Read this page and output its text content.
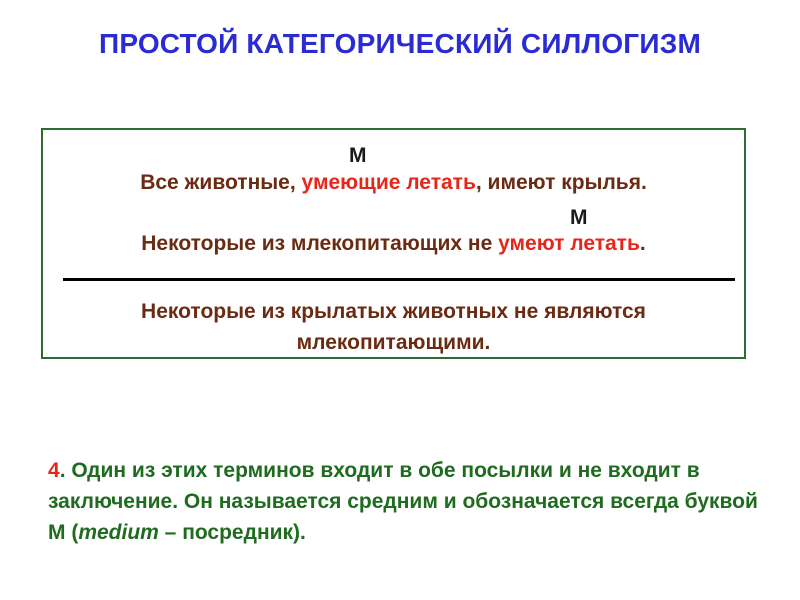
ПРОСТОЙ КАТЕГОРИЧЕСКИЙ СИЛЛОГИЗМ
М
Все животные, умеющие летать, имеют крылья.
М
Некоторые из млекопитающих не умеют летать.
Некоторые из крылатых животных не являются
млекопитающими.
4. Один из этих терминов входит в обе посылки и не входит в заключение. Он называется средним и обозначается всегда буквой М (medium – посредник).
